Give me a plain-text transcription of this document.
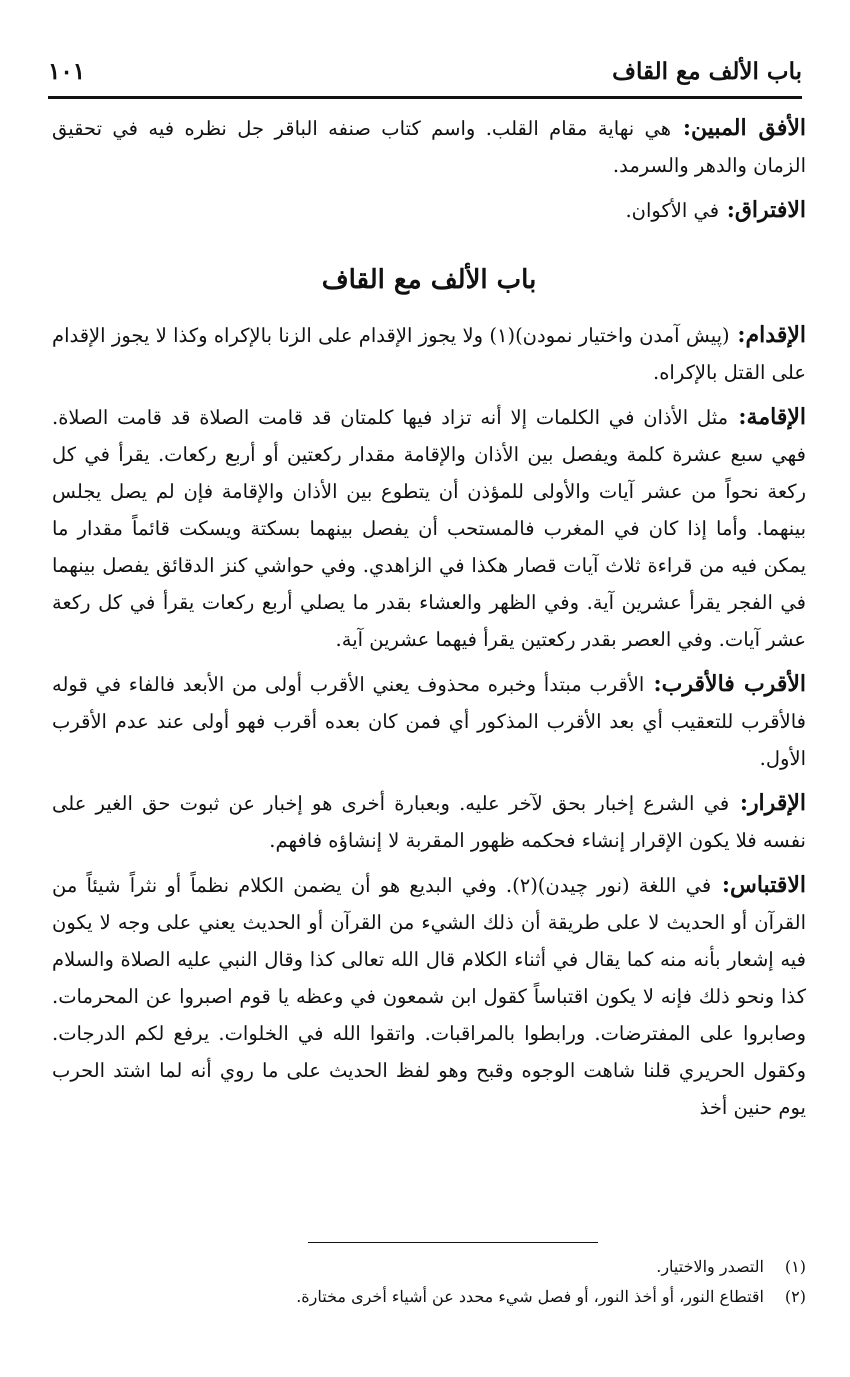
باب الألف مع القاف
١٠١

الأفق المبين: هي نهاية مقام القلب. واسم كتاب صنفه الباقر جل نظره فيه في تحقيق الزمان والدهر والسرمد.

الافتراق: في الأكوان.

باب الألف مع القاف

الإقدام: (پيش آمدن واختيار نمودن)(١) ولا يجوز الإقدام على الزنا بالإكراه وكذا لا يجوز الإقدام على القتل بالإكراه.

الإقامة: مثل الأذان في الكلمات إلا أنه تزاد فيها كلمتان قد قامت الصلاة قد قامت الصلاة. فهي سبع عشرة كلمة ويفصل بين الأذان والإقامة مقدار ركعتين أو أربع ركعات. يقرأ في كل ركعة نحواً من عشر آيات والأولى للمؤذن أن يتطوع بين الأذان والإقامة فإن لم يصل يجلس بينهما. وأما إذا كان في المغرب فالمستحب أن يفصل بينهما بسكتة ويسكت قائماً مقدار ما يمكن فيه من قراءة ثلاث آيات قصار هكذا في الزاهدي. وفي حواشي كنز الدقائق يفصل بينهما في الفجر يقرأ عشرين آية. وفي الظهر والعشاء بقدر ما يصلي أربع ركعات يقرأ في كل ركعة عشر آيات. وفي العصر بقدر ركعتين يقرأ فيهما عشرين آية.

الأقرب فالأقرب: الأقرب مبتدأ وخبره محذوف يعني الأقرب أولى من الأبعد فالفاء في قوله فالأقرب للتعقيب أي بعد الأقرب المذكور أي فمن كان بعده أقرب فهو أولى عند عدم الأقرب الأول.

الإقرار: في الشرع إخبار بحق لآخر عليه. وبعبارة أخرى هو إخبار عن ثبوت حق الغير على نفسه فلا يكون الإقرار إنشاء فحكمه ظهور المقربة لا إنشاؤه فافهم.

الاقتباس: في اللغة (نور چيدن)(٢). وفي البديع هو أن يضمن الكلام نظماً أو نثراً شيئاً من القرآن أو الحديث لا على طريقة أن ذلك الشيء من القرآن أو الحديث يعني على وجه لا يكون فيه إشعار بأنه منه كما يقال في أثناء الكلام قال الله تعالى كذا وقال النبي عليه الصلاة والسلام كذا ونحو ذلك فإنه لا يكون اقتباساً كقول ابن شمعون في وعظه يا قوم اصبروا عن المحرمات. وصابروا على المفترضات. ورابطوا بالمراقبات. واتقوا الله في الخلوات. يرفع لكم الدرجات. وكقول الحريري قلنا شاهت الوجوه وقبح وهو لفظ الحديث على ما روي أنه لما اشتد الحرب يوم حنين أخذ

(١)التصدر والاختيار.

(٢)اقتطاع النور، أو أخذ النور، أو فصل شيء محدد عن أشياء أخرى مختارة.
